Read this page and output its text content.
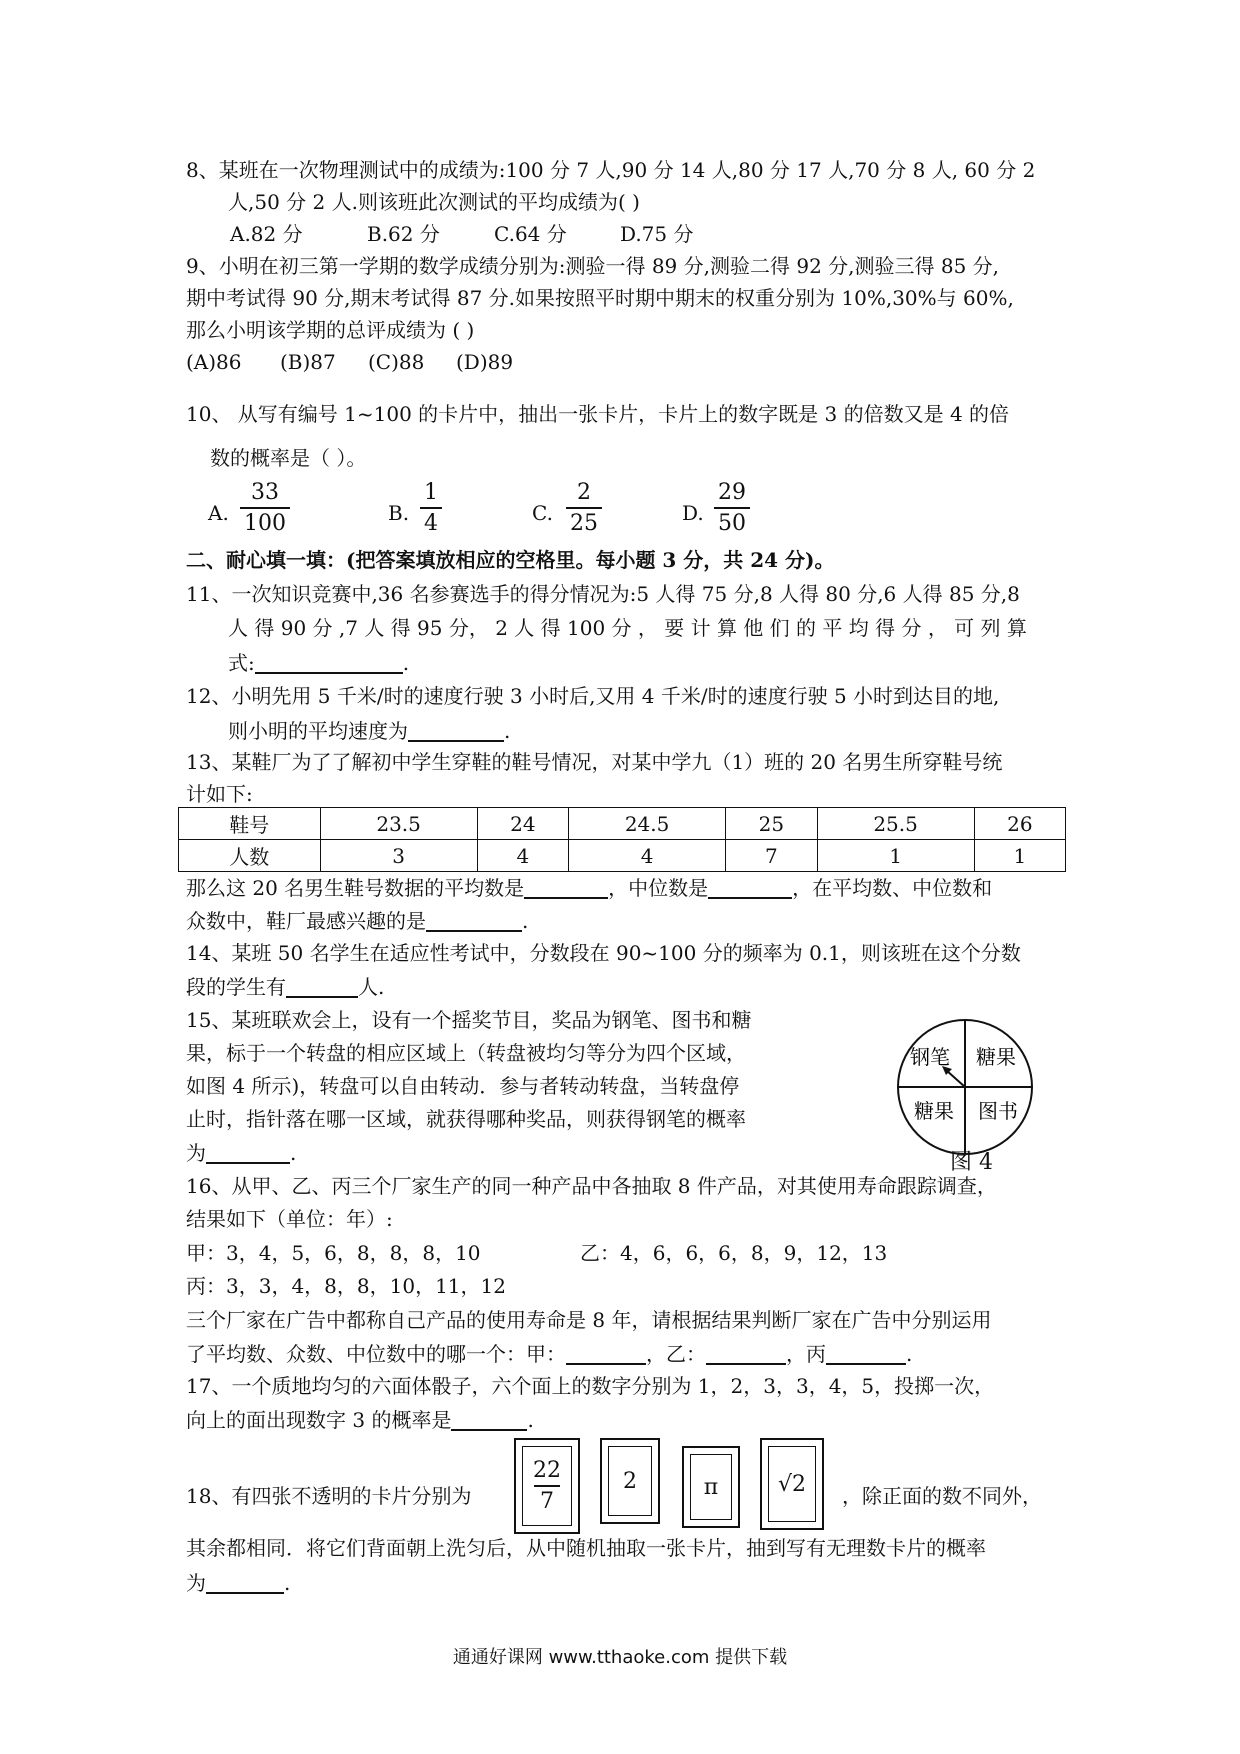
8、某班在一次物理测试中的成绩为:100 分 7 人,90 分 14 人,80 分 17 人,70 分 8 人, 60 分 2
人,50 分 2 人.则该班此次测试的平均成绩为( )
A.82 分	B.62 分	C.64 分	D.75 分
9、小明在初三第一学期的数学成绩分别为:测验一得 89 分,测验二得 92 分,测验三得 85 分,
期中考试得 90 分,期末考试得 87 分.如果按照平时期中期末的权重分别为 10%,30%与 60%,
那么小明该学期的总评成绩为 ( )
(A)86 (B)87 (C)88 (D)89
10、 从写有编号 1~100 的卡片中，抽出一张卡片，卡片上的数字既是 3 的倍数又是 4 的倍
数的概率是（ ）。
A. $\frac{33}{100}$	B. $\frac{1}{4}$	C. $\frac{2}{25}$	D. $\frac{29}{50}$
二、耐心填一填：(把答案填放相应的空格里。每小题 3 分，共 24 分)。
11、一次知识竞赛中,36 名参赛选手的得分情况为:5 人得 75 分,8 人得 80 分,6 人得 85 分,8
人 得 90 分 ,7 人 得 95 分， 2 人 得 100 分 ， 要 计 算 他 们 的 平 均 得 分 ， 可 列 算
式:	.
12、小明先用 5 千米/时的速度行驶 3 小时后,又用 4 千米/时的速度行驶 5 小时到达目的地,
则小明的平均速度为	.
13、某鞋厂为了了解初中学生穿鞋的鞋号情况，对某中学九（1）班的 20 名男生所穿鞋号统
计如下:
鞋号	23.5	24	24.5	25	25.5	26
人数	3	4	4	7	1	1
那么这 20 名男生鞋号数据的平均数是	，中位数是	，在平均数、中位数和
众数中，鞋厂最感兴趣的是	.
14、某班 50 名学生在适应性考试中，分数段在 90~100 分的频率为 0.1，则该班在这个分数
段的学生有	人.
15、某班联欢会上，设有一个摇奖节目，奖品为钢笔、图书和糖
果，标于一个转盘的相应区域上（转盘被均匀等分为四个区域，
如图 4 所示)，转盘可以自由转动．参与者转动转盘，当转盘停
止时，指针落在哪一区域，就获得哪种奖品，则获得钢笔的概率
为	.
钢笔 糖果
糖果 图书
图 4
16、从甲、乙、丙三个厂家生产的同一种产品中各抽取 8 件产品，对其使用寿命跟踪调查，
结果如下（单位：年）:
甲：3，4，5，6，8，8，8，10	乙：4，6，6，6，8，9，12，13
丙：3，3，4，8，8，10，11，12
三个厂家在广告中都称自己产品的使用寿命是 8 年，请根据结果判断厂家在广告中分别运用
了平均数、众数、中位数中的哪一个：甲：	，乙：	，丙	.
17、一个质地均匀的六面体骰子，六个面上的数字分别为 1，2，3，3，4，5，投掷一次，
向上的面出现数字 3 的概率是	.
18、有四张不透明的卡片分别为 $\frac{22}{7}$	2	π	√2	，除正面的数不同外，
其余都相同．将它们背面朝上洗匀后，从中随机抽取一张卡片，抽到写有无理数卡片的概率
为	.
通通好课网 www.tthaoke.com 提供下载
